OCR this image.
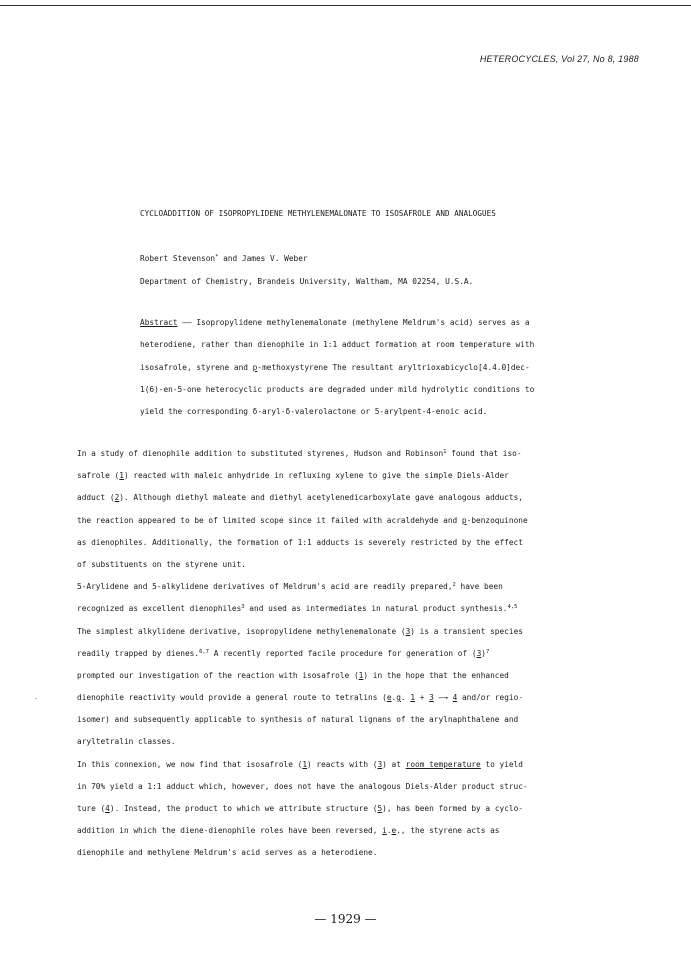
HETEROCYCLES, Vol 27, No 8, 1988
CYCLOADDITION OF ISOPROPYLIDENE METHYLENEMALONATE TO ISOSAFROLE AND ANALOGUES
Robert Stevenson* and James V. Weber
Department of Chemistry, Brandeis University, Waltham, MA 02254, U.S.A.
Abstract —— Isopropylidene methylenemalonate (methylene Meldrum's acid) serves as a
heterodiene, rather than dienophile in 1:1 adduct formation at room temperature with
isosafrole, styrene and p-methoxystyrene The resultant aryltrioxabicyclo[4.4.0]dec-
1(6)-en-5-one heterocyclic products are degraded under mild hydrolytic conditions to
yield the corresponding δ-aryl-δ-valerolactone or 5-arylpent-4-enoic acid.
In a study of dienophile addition to substituted styrenes, Hudson and Robinson$^1$ found that iso-
safrole (1) reacted with maleic anhydride in refluxing xylene to give the simple Diels-Alder
adduct (2). Although diethyl maleate and diethyl acetylenedicarboxylate gave analogous adducts,
the reaction appeared to be of limited scope since it failed with acraldehyde and p-benzoquinone
as dienophiles. Additionally, the formation of 1:1 adducts is severely restricted by the effect
of substituents on the styrene unit.
5-Arylidene and 5-alkylidene derivatives of Meldrum's acid are readily prepared,$^2$ have been
recognized as excellent dienophiles$^3$ and used as intermediates in natural product synthesis.$^{4,5}$
The simplest alkylidene derivative, isopropylidene methylenemalonate (3) is a transient species
readily trapped by dienes.$^{6,7}$ A recently reported facile procedure for generation of $(3)^7$
prompted our investigation of the reaction with isosafrole (1) in the hope that the enhanced
dienophile reactivity would provide a general route to tetralins (e.g. 1 + 3 —→ 4 and/or regio-
isomer) and subsequently applicable to synthesis of natural lignans of the arylnaphthalene and
aryltetralin classes.
In this connexion, we now find that isosafrole (1) reacts with (3) at room temperature to yield
in 70% yield a 1:1 adduct which, however, does not have the analogous Diels-Alder product struc-
ture (4). Instead, the product to which we attribute structure (5), has been formed by a cyclo-
addition in which the diene-dienophile roles have been reversed, i.e., the styrene acts as
dienophile and methylene Meldrum's acid serves as a heterodiene.
.
— 1929 —
